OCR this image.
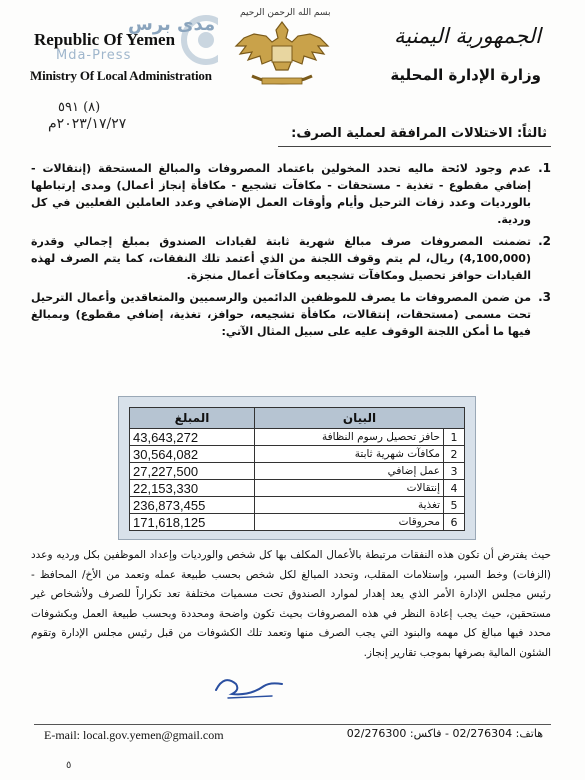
مدى برس
Mda-Press
Republic Of Yemen
Ministry Of Local Administration
بسم الله الرحمن الرحيم
الجمهورية اليمنية
وزارة الإدارة المحلية
(٨) ٥٩١
٢٠٢٣/١٧/٢٧م
ثالثاً: الاختلالات المرافقة لعملية الصرف:
1.
عدم وجود لائحة ماليه تحدد المخولين باعتماد المصروفات والمبالغ المستحقة (إنتقالات - إضافي مقطوع - تغذية - مستحقات - مكافآت تشجيع - مكافأة إنجاز أعمال) ومدى إرتباطها بالورديات وعدد زفات الترحيل وأيام وأوقات العمل الإضافي وعدد العاملين الفعليين في كل وردية.
2.
تضمنت المصروفات صرف مبالغ شهرية ثابتة لقيادات الصندوق بمبلغ إجمالي وقدرة (4,100,000) ريال، لم يتم وقوف اللجنة من الذي أعتمد تلك النفقات، كما يتم الصرف لهذه القيادات حوافز تحصيل ومكافآت تشجيعه ومكافآت أعمال منجزة.
3.
من ضمن المصروفات ما يصرف للموظفين الدائمين والرسميين والمتعاقدين وأعمال الترحيل تحت مسمى (مستحقات، إنتقالات، مكافأة تشجيعه، حوافز، تغذية، إضافي مقطوع) وبمبالغ فيها ما أمكن اللجنة الوقوف عليه على سبيل المثال الآتي:
البيان		المبلغ
1	حافز تحصيل رسوم النظافة	43,643,272
2	مكافآت شهرية ثابتة	30,564,082
3	عمل إضافي	27,227,500
4	إنتقالات	22,153,330
5	تغذية	236,873,455
6	محروقات	171,618,125
حيث يفترض أن تكون هذه النفقات مرتبطة بالأعمال المكلف بها كل شخص والورديات وإعداد الموظفين بكل ورديه وعدد (الزفات) وخط السير، وإستلامات المقلب، وتحدد المبالغ لكل شخص بحسب طبيعة عمله وتعمد من الأخ/ المحافظ - رئيس مجلس الإدارة الأمر الذي يعد إهدار لموارد الصندوق تحت مسميات مختلفة تعد تكراراً للصرف ولأشخاص غير مستحقين، حيث يجب إعادة النظر في هذه المصروفات بحيث تكون واضحة ومحددة وبحسب طبيعة العمل وبكشوفات محدد فيها مبالغ كل مهمه والبنود التي يجب الصرف منها وتعمد تلك الكشوفات من قبل رئيس مجلس الإدارة وتقوم الشئون المالية بصرفها بموجب تقارير إنجاز.
E-mail: local.gov.yemen@gmail.com	هاتف: 02/276304 - فاكس: 02/276300
٥
